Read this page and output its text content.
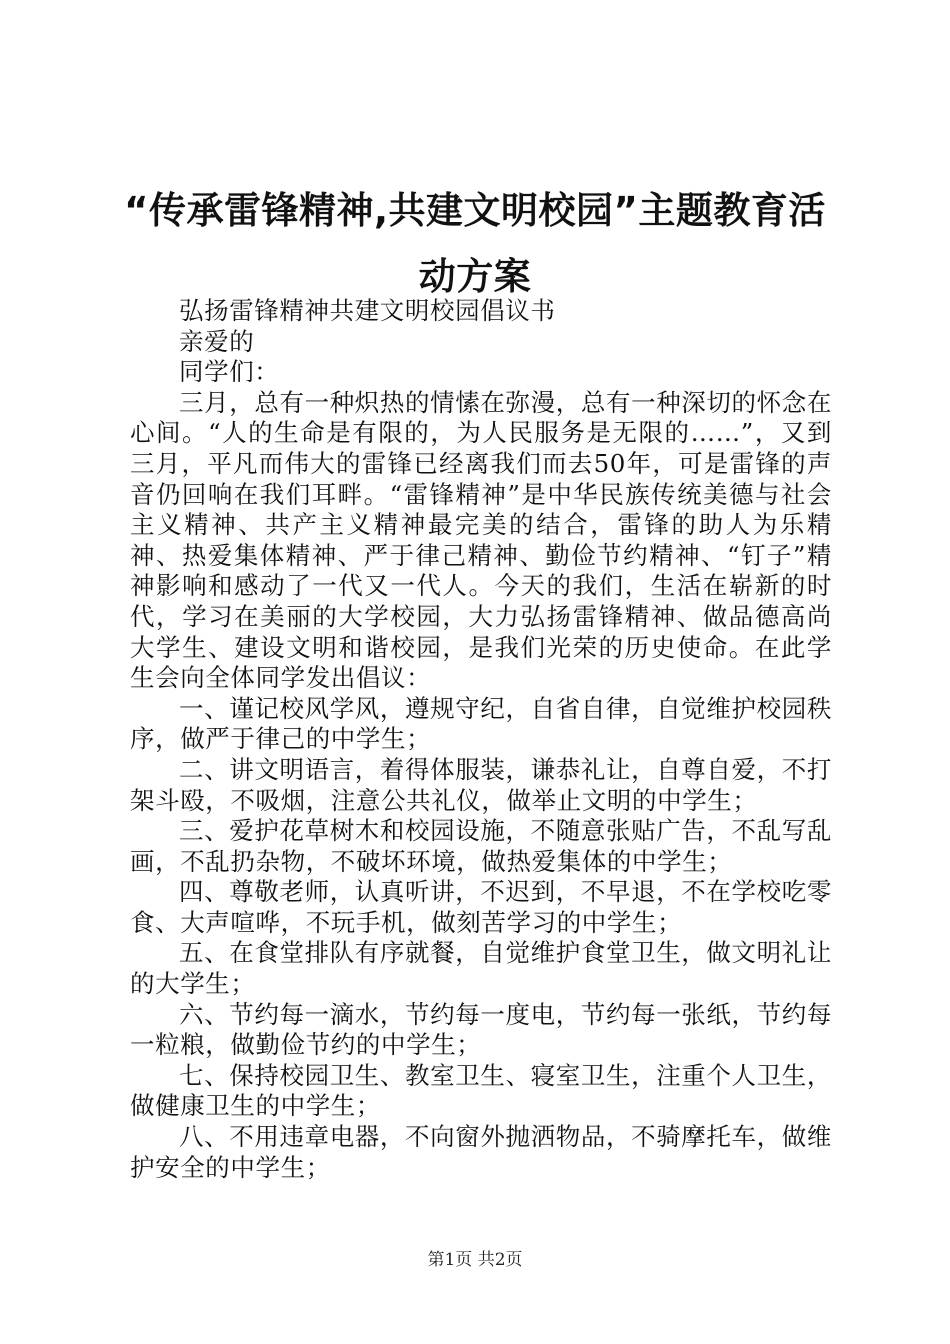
“传承雷锋精神,共建文明校园”主题教育活
动方案

弘扬雷锋精神共建文明校园倡议书

亲爱的

同学们：

三月，总有一种炽热的情愫在弥漫，总有一种深切的怀念在心间。“人的生命是有限的，为人民服务是无限的……”，又到三月，平凡而伟大的雷锋已经离我们而去50年，可是雷锋的声音仍回响在我们耳畔。“雷锋精神”是中华民族传统美德与社会主义精神、共产主义精神最完美的结合，雷锋的助人为乐精神、热爱集体精神、严于律己精神、勤俭节约精神、“钉子”精神影响和感动了一代又一代人。今天的我们，生活在崭新的时代，学习在美丽的大学校园，大力弘扬雷锋精神、做品德高尚大学生、建设文明和谐校园，是我们光荣的历史使命。在此学生会向全体同学发出倡议：

一、谨记校风学风，遵规守纪，自省自律，自觉维护校园秩序，做严于律己的中学生；

二、讲文明语言，着得体服装，谦恭礼让，自尊自爱，不打架斗殴，不吸烟，注意公共礼仪，做举止文明的中学生；

三、爱护花草树木和校园设施，不随意张贴广告，不乱写乱画，不乱扔杂物，不破坏环境，做热爱集体的中学生；

四、尊敬老师，认真听讲，不迟到，不早退，不在学校吃零食、大声喧哗，不玩手机，做刻苦学习的中学生；

五、在食堂排队有序就餐，自觉维护食堂卫生，做文明礼让的大学生；

六、节约每一滴水，节约每一度电，节约每一张纸，节约每一粒粮，做勤俭节约的中学生；

七、保持校园卫生、教室卫生、寝室卫生，注重个人卫生，做健康卫生的中学生；

八、不用违章电器，不向窗外抛洒物品，不骑摩托车，做维护安全的中学生；

第1页 共2页
